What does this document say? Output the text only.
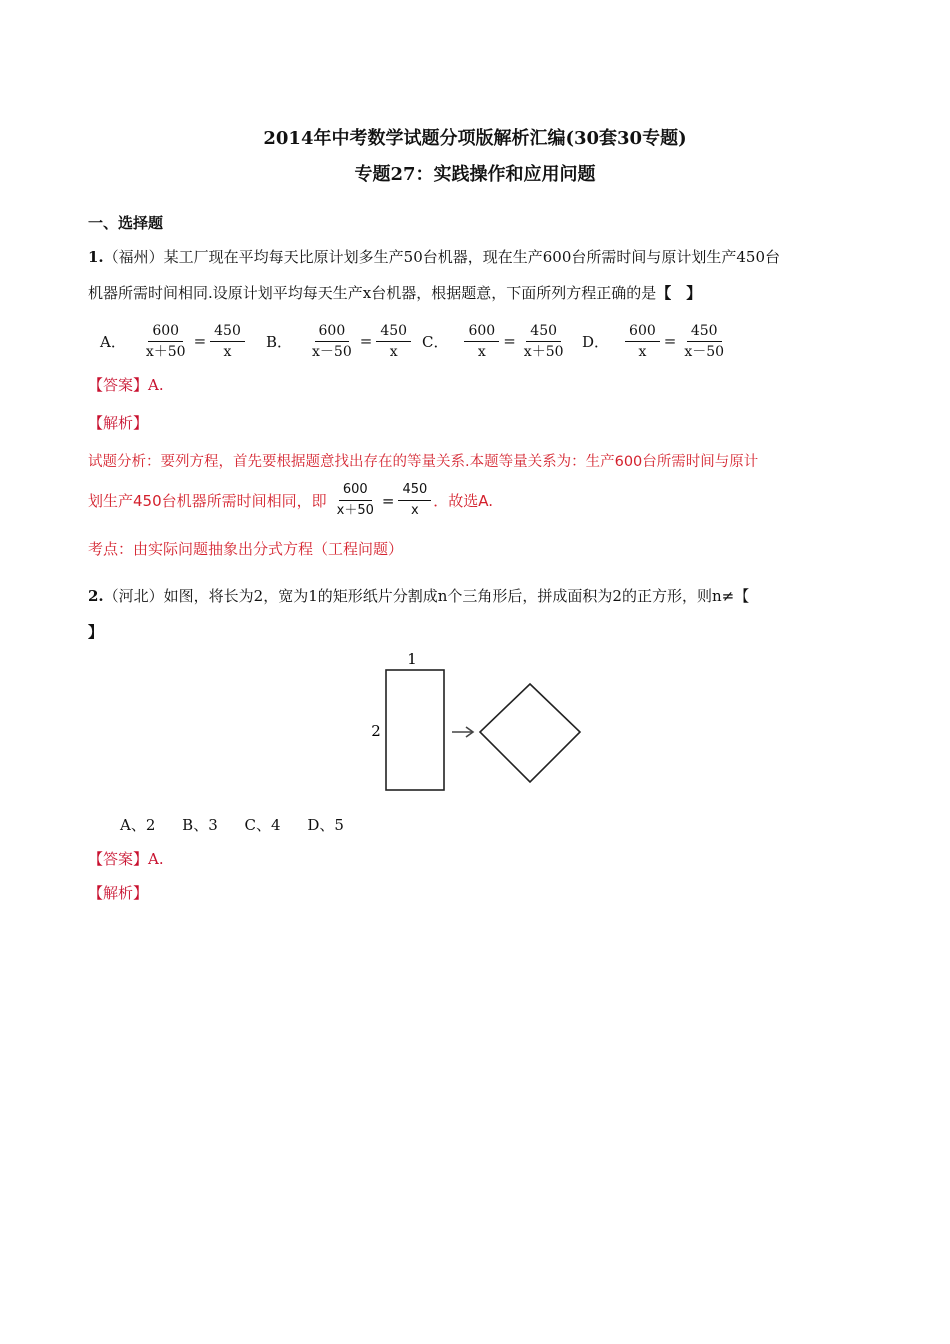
2014年中考数学试题分项版解析汇编(30套30专题)
专题27：实践操作和应用问题
一、选择题
1.（福州）某工厂现在平均每天比原计划多生产50台机器，现在生产600台所需时间与原计划生产450台
机器所需时间相同.设原计划平均每天生产x台机器，根据题意，下面所列方程正确的是【　】
A． $\frac{600}{x+50} = \frac{450}{x}$ B． $\frac{600}{x-50} = \frac{450}{x}$ C． $\frac{600}{x} = \frac{450}{x+50}$ D． $\frac{600}{x} = \frac{450}{x-50}$
【答案】A.
【解析】
试题分析：要列方程，首先要根据题意找出存在的等量关系.本题等量关系为：生产600台所需时间与原计
划生产450台机器所需时间相同，即 $\frac{600}{x+50} = \frac{450}{x}$ ．故选A.
考点：由实际问题抽象出分式方程（工程问题）
2.（河北）如图，将长为2，宽为1的矩形纸片分割成n个三角形后，拼成面积为2的正方形，则n≠【
】
1
2
A、2 B、3 C、4 D、5
【答案】A.
【解析】
